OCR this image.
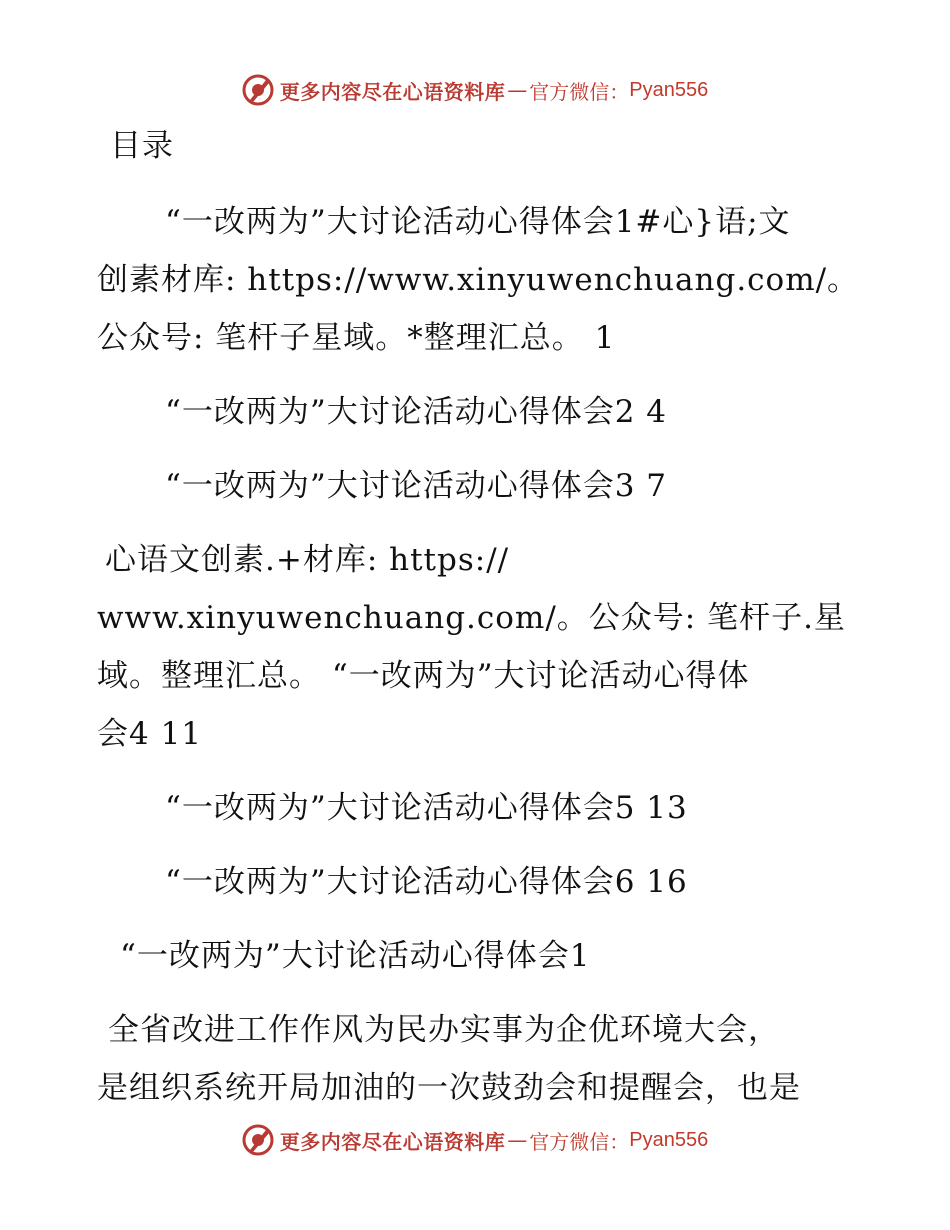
更多内容尽在心语资料库 — 官方微信： Pyan556
目录
“一改两为”大讨论活动心得体会1#心}语;文
创素材库: https://www.xinyuwenchuang.com/。
公众号: 笔杆子星域。*整理汇总。 1
“一改两为”大讨论活动心得体会2 4
“一改两为”大讨论活动心得体会3 7
心语文创素.+材库: https://
www.xinyuwenchuang.com/。公众号: 笔杆子.星
域。整理汇总。 “一改两为”大讨论活动心得体
会4 11
“一改两为”大讨论活动心得体会5 13
“一改两为”大讨论活动心得体会6 16
“一改两为”大讨论活动心得体会1
全省改进工作作风为民办实事为企优环境大会，
是组织系统开局加油的一次鼓劲会和提醒会，也是
更多内容尽在心语资料库 — 官方微信： Pyan556
